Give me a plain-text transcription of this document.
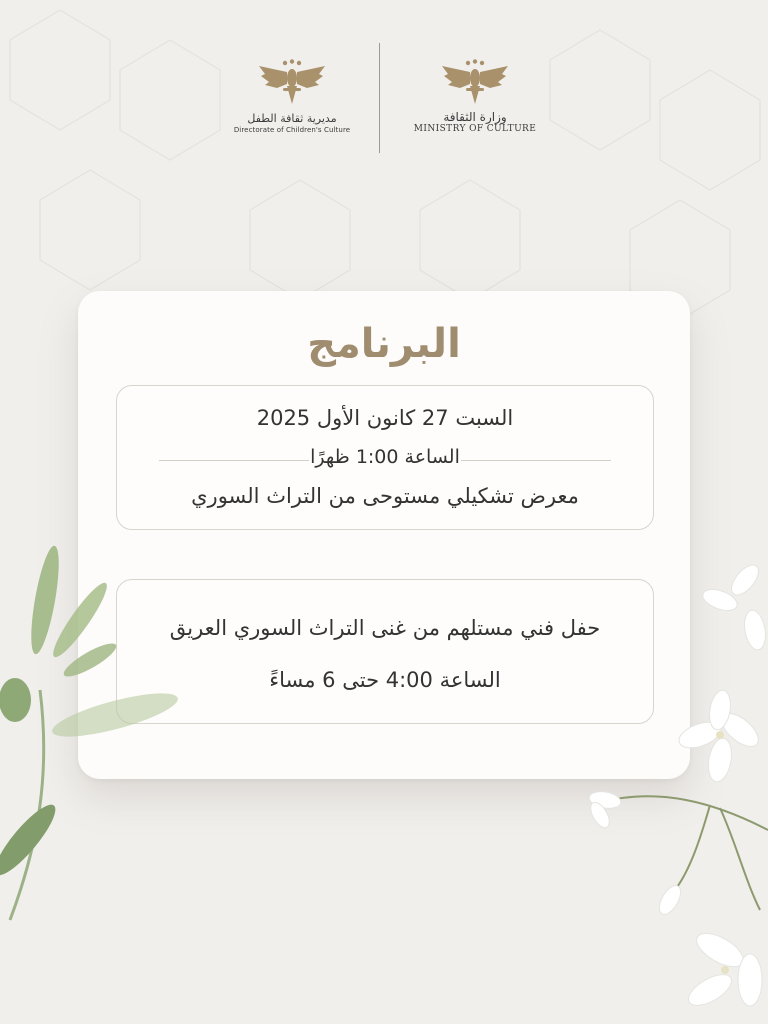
مديرية ثقافة الطفل
Directorate of Children's Culture
وزارة الثقافة
MINISTRY OF CULTURE
البرنامج
السبت 27 كانون الأول 2025
الساعة 1:00 ظهرًا
معرض تشكيلي مستوحى من التراث السوري
حفل فني مستلهم من غنى التراث السوري العريق
الساعة 4:00 حتى 6 مساءً
